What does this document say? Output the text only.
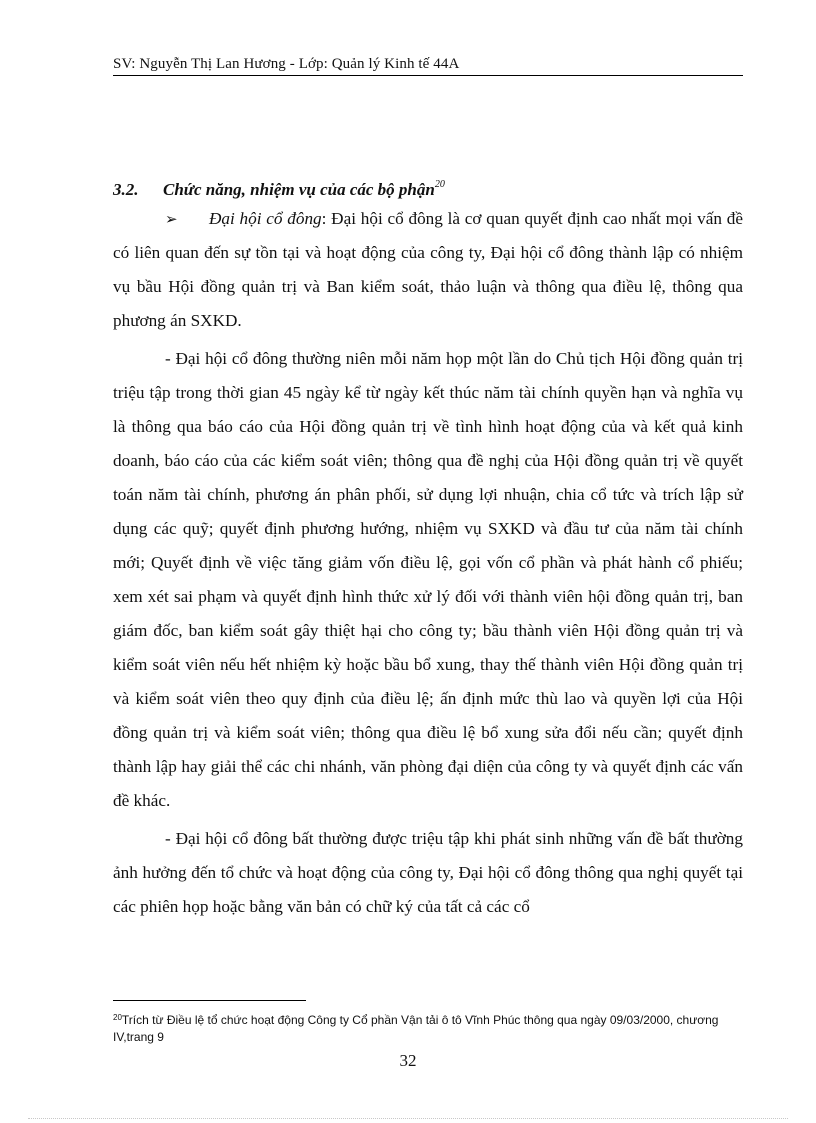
SV: Nguyễn Thị Lan Hương - Lớp: Quản lý Kinh tế 44A
3.2. Chức năng, nhiệm vụ của các bộ phận$^{20}$

➢ Đại hội cổ đông: Đại hội cổ đông là cơ quan quyết định cao nhất mọi vấn đề có liên quan đến sự tồn tại và hoạt động của công ty, Đại hội cổ đông thành lập có nhiệm vụ bầu Hội đồng quản trị và Ban kiểm soát, thảo luận và thông qua điều lệ, thông qua phương án SXKD.

- Đại hội cổ đông thường niên mỗi năm họp một lần do Chủ tịch Hội đồng quản trị triệu tập trong thời gian 45 ngày kể từ ngày kết thúc năm tài chính quyền hạn và nghĩa vụ là thông qua báo cáo của Hội đồng quản trị về tình hình hoạt động của và kết quả kinh doanh, báo cáo của các kiểm soát viên; thông qua đề nghị của Hội đồng quản trị về quyết toán năm tài chính, phương án phân phối, sử dụng lợi nhuận, chia cổ tức và trích lập sử dụng các quỹ; quyết định phương hướng, nhiệm vụ SXKD và đầu tư của năm tài chính mới; Quyết định về việc tăng giảm vốn điều lệ, gọi vốn cổ phần và phát hành cổ phiếu; xem xét sai phạm và quyết định hình thức xử lý đối với thành viên hội đồng quản trị, ban giám đốc, ban kiểm soát gây thiệt hại cho công ty; bầu thành viên Hội đồng quản trị và kiểm soát viên nếu hết nhiệm kỳ hoặc bầu bổ xung, thay thế thành viên Hội đồng quản trị và kiểm soát viên theo quy định của điều lệ; ấn định mức thù lao và quyền lợi của Hội đồng quản trị và kiểm soát viên; thông qua điều lệ bổ xung sửa đổi nếu cần; quyết định thành lập hay giải thể các chi nhánh, văn phòng đại diện của công ty và quyết định các vấn đề khác.

- Đại hội cổ đông bất thường được triệu tập khi phát sinh những vấn đề bất thường ảnh hưởng đến tổ chức và hoạt động của công ty, Đại hội cổ đông thông qua nghị quyết tại các phiên họp hoặc bằng văn bản có chữ ký của tất cả các cổ

$^{20}$Trích từ Điều lệ tổ chức hoạt động Công ty Cổ phần Vận tải ô tô Vĩnh Phúc thông qua ngày 09/03/2000, chương IV,trang 9
32
